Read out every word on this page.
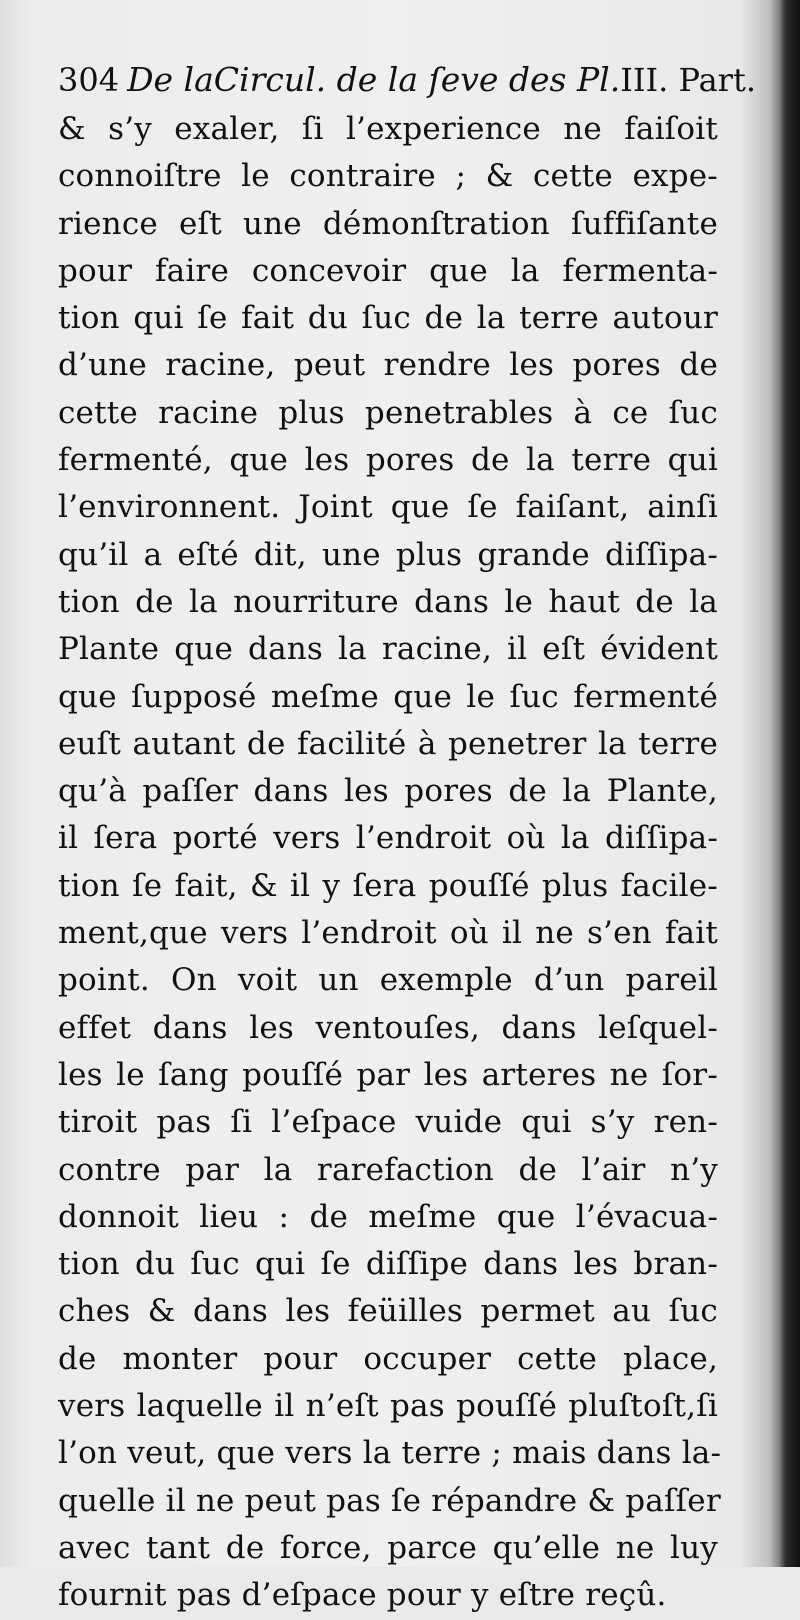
304 De laCircul. de la ſeve des Pl. III. Part.
& s’y exaler, ſi l’experience ne faiſoit
connoiſtre le contraire ; & cette expe-
rience eſt une démonſtration ſuffiſante
pour faire concevoir que la fermenta-
tion qui ſe fait du ſuc de la terre autour
d’une racine, peut rendre les pores de
cette racine plus penetrables à ce ſuc
fermenté, que les pores de la terre qui
l’environnent. Joint que ſe faiſant, ainſi
qu’il a eſté dit, une plus grande diſſipa-
tion de la nourriture dans le haut de la
Plante que dans la racine, il eſt évident
que ſupposé meſme que le ſuc fermenté
euſt autant de facilité à penetrer la terre
qu’à paſſer dans les pores de la Plante,
il ſera porté vers l’endroit où la diſſipa-
tion ſe fait, & il y ſera pouſſé plus facile-
ment,que vers l’endroit où il ne s’en fait
point. On voit un exemple d’un pareil
effet dans les ventouſes, dans leſquel-
les le ſang pouſſé par les arteres ne ſor-
tiroit pas ſi l’eſpace vuide qui s’y ren-
contre par la rarefaction de l’air n’y
donnoit lieu : de meſme que l’évacua-
tion du ſuc qui ſe diſſipe dans les bran-
ches & dans les feüilles permet au ſuc
de monter pour occuper cette place,
vers laquelle il n’eſt pas pouſſé pluſtoſt,ſi
l’on veut, que vers la terre ; mais dans la-
quelle il ne peut pas ſe répandre & paſſer
avec tant de force, parce qu’elle ne luy
fournit pas d’eſpace pour y eſtre reçû.
